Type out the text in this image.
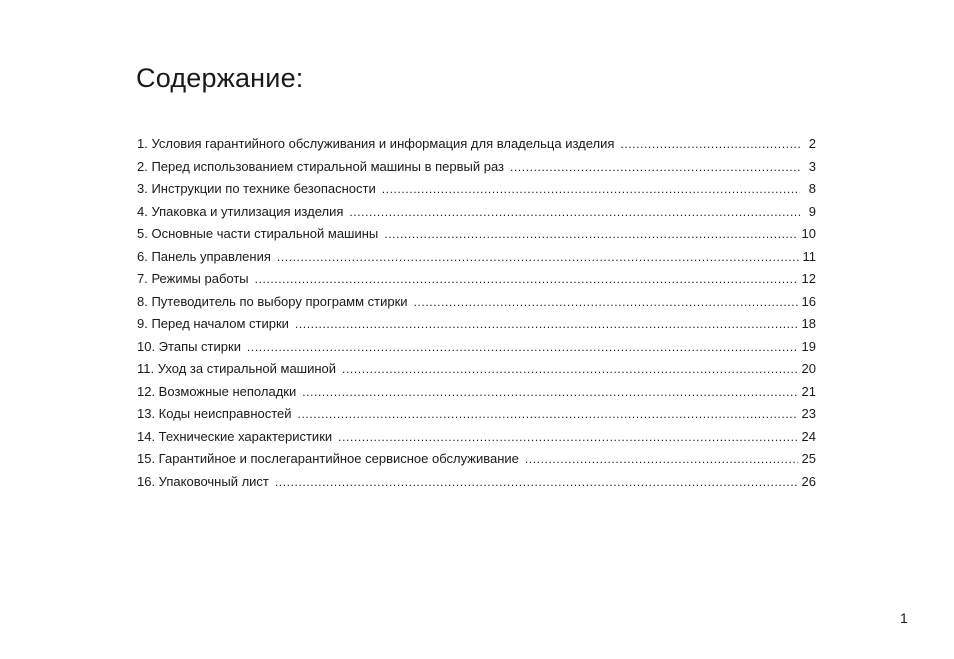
Содержание:
1. Условия гарантийного обслуживания и информация для владельца изделия .....	2
2. Перед использованием стиральной машины в первый раз .....	3
3. Инструкции по технике безопасности .....	8
4. Упаковка и утилизация изделия .....	9
5. Основные части стиральной машины .....	10
6. Панель управления .....	11
7. Режимы работы .....	12
8. Путеводитель по выбору программ стирки .....	16
9. Перед началом стирки .....	18
10. Этапы стирки .....	19
11. Уход за стиральной машиной .....	20
12. Возможные неполадки .....	21
13. Коды неисправностей .....	23
14. Технические характеристики .....	24
15. Гарантийное и послегарантийное сервисное обслуживание .....	25
16. Упаковочный лист .....	26
1
